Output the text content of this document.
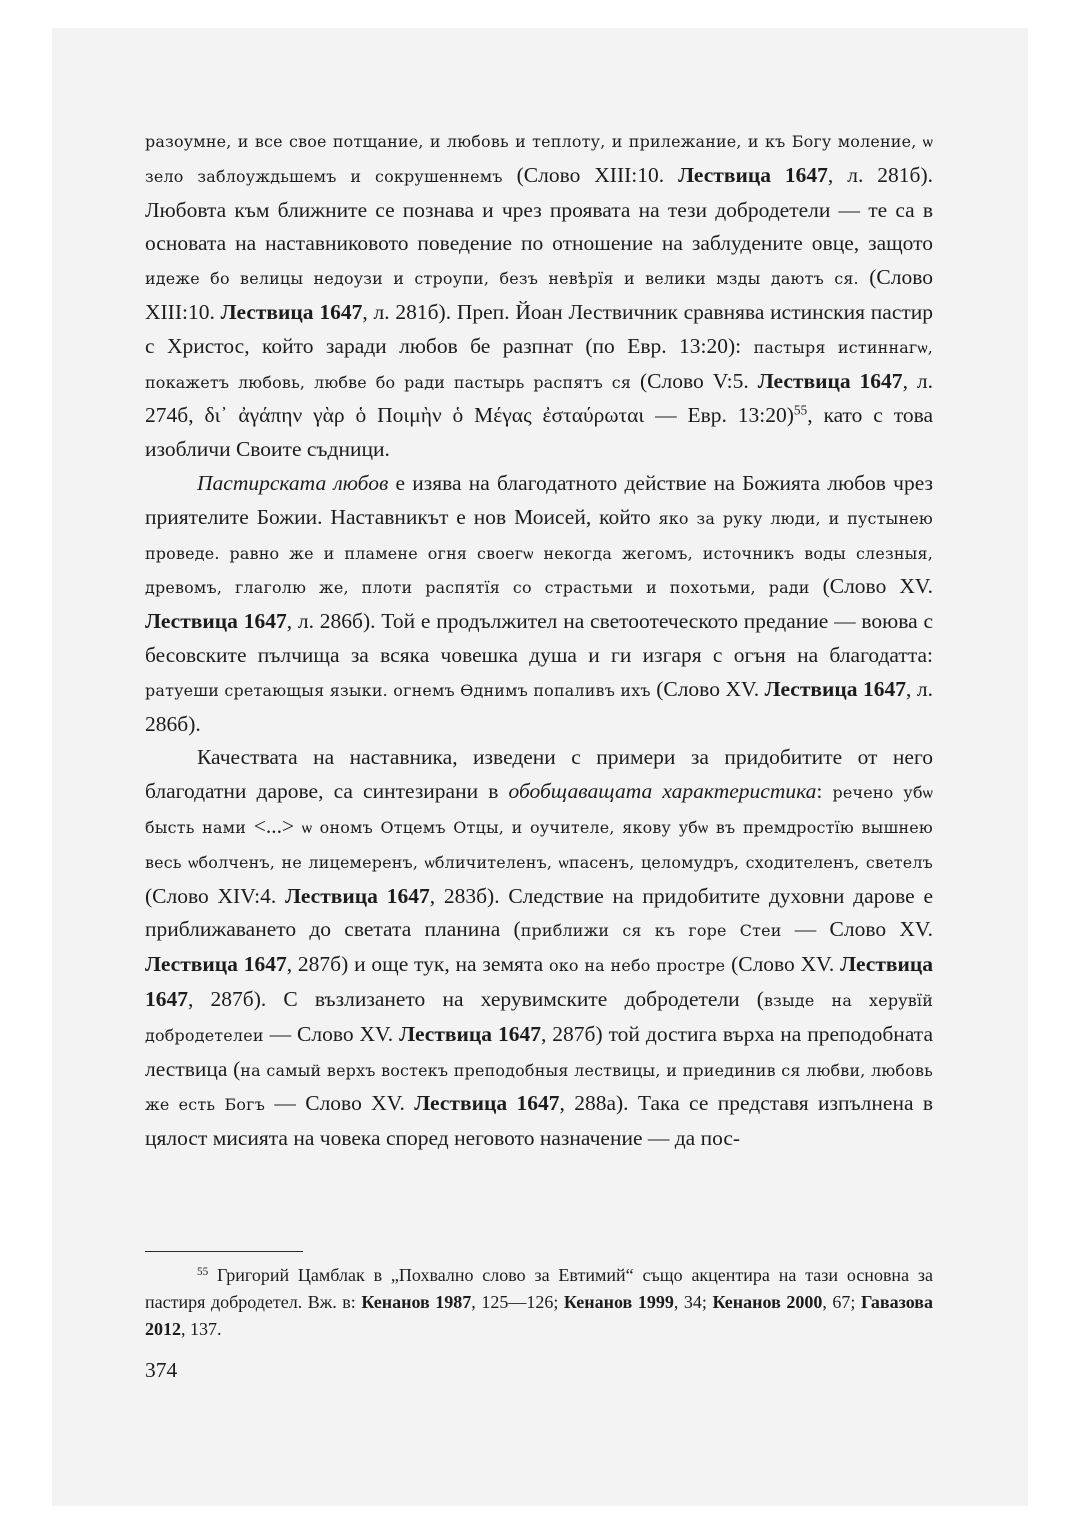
разоумне, и все свое потщание, и любовь и теплоту, и прилежание, и къ Богу моление, ѡ зело заблоуждьшемъ и сокрушеннемъ (Слово XIII:10. Лествица 1647, л. 281б). Любовта към ближните се познава и чрез проявата на тези добродетели — те са в основата на наставниковото поведение по отношение на заблудените овце, защото идеже бо велицы недоузи и строупи, безъ невѣрїя и велики мзды даютъ ся. (Слово XIII:10. Лествица 1647, л. 281б). Преп. Йоан Лествичник сравнява истинския пастир с Христос, който заради любов бе разпнат (по Евр. 13:20): пастыря истиннагѡ, покажетъ любовь, любве бо ради пастырь распятъ ся (Слово V:5. Лествица 1647, л. 274б, δι᾽ ἀγάπην γὰρ ὁ Ποιμὴν ὁ Μέγας ἐσταύρωται — Евр. 13:20)$^{55}$, като с това изобличи Своите съдници.

Пастирската любов е изява на благодатното действие на Божията любов чрез приятелите Божии. Наставникът е нов Моисей, който яко за руку люди, и пустынею проведе. равно же и пламене огня своегѡ некогда жегомъ, источникъ воды слезныя, древомъ, глаголю же, плоти распятїя со страстьми и похотьми, ради (Слово XV. Лествица 1647, л. 286б). Той е продължител на светоотеческото предание — воюва с бесовските пълчища за всяка човешка душа и ги изгаря с огъня на благодатта: ратуеши сретающыя языки. огнемъ Ѳднимъ попаливъ ихъ (Слово XV. Лествица 1647, л. 286б).

Качествата на наставника, изведени с примери за придобитите от него благодатни дарове, са синтезирани в обобщаващата характеристика: речено убѡ бысть нами <...> ѡ ономъ Отцемъ Отцы, и оучителе, якову убѡ въ премдростїю вышнею весь ѡболченъ, не лицемеренъ, ѡбличителенъ, ѡпасенъ, целомудръ, сходителенъ, светелъ (Слово XIV:4. Лествица 1647, 283б). Следствие на придобитите духовни дарове е приближаването до светата планина (приближи ся къ горе Стеи — Слово XV. Лествица 1647, 287б) и още тук, на земята око на небо простре (Слово XV. Лествица 1647, 287б). С възлизането на херувимските добродетели (взыде на херувїй добродетелеи — Слово XV. Лествица 1647, 287б) той достига върха на преподобната лествица (на самый верхъ востекъ преподобныя лествицы, и приединив ся любви, любовь же есть Богъ — Слово XV. Лествица 1647, 288а). Така се представя изпълнена в цялост мисията на човека според неговото назначение — да пос-

$^{55}$ Григорий Цамблак в „Похвално слово за Евтимий“ също акцентира на тази основна за пастиря добродетел. Вж. в: Кенанов 1987, 125—126; Кенанов 1999, 34; Кенанов 2000, 67; Гавазова 2012, 137.

374
